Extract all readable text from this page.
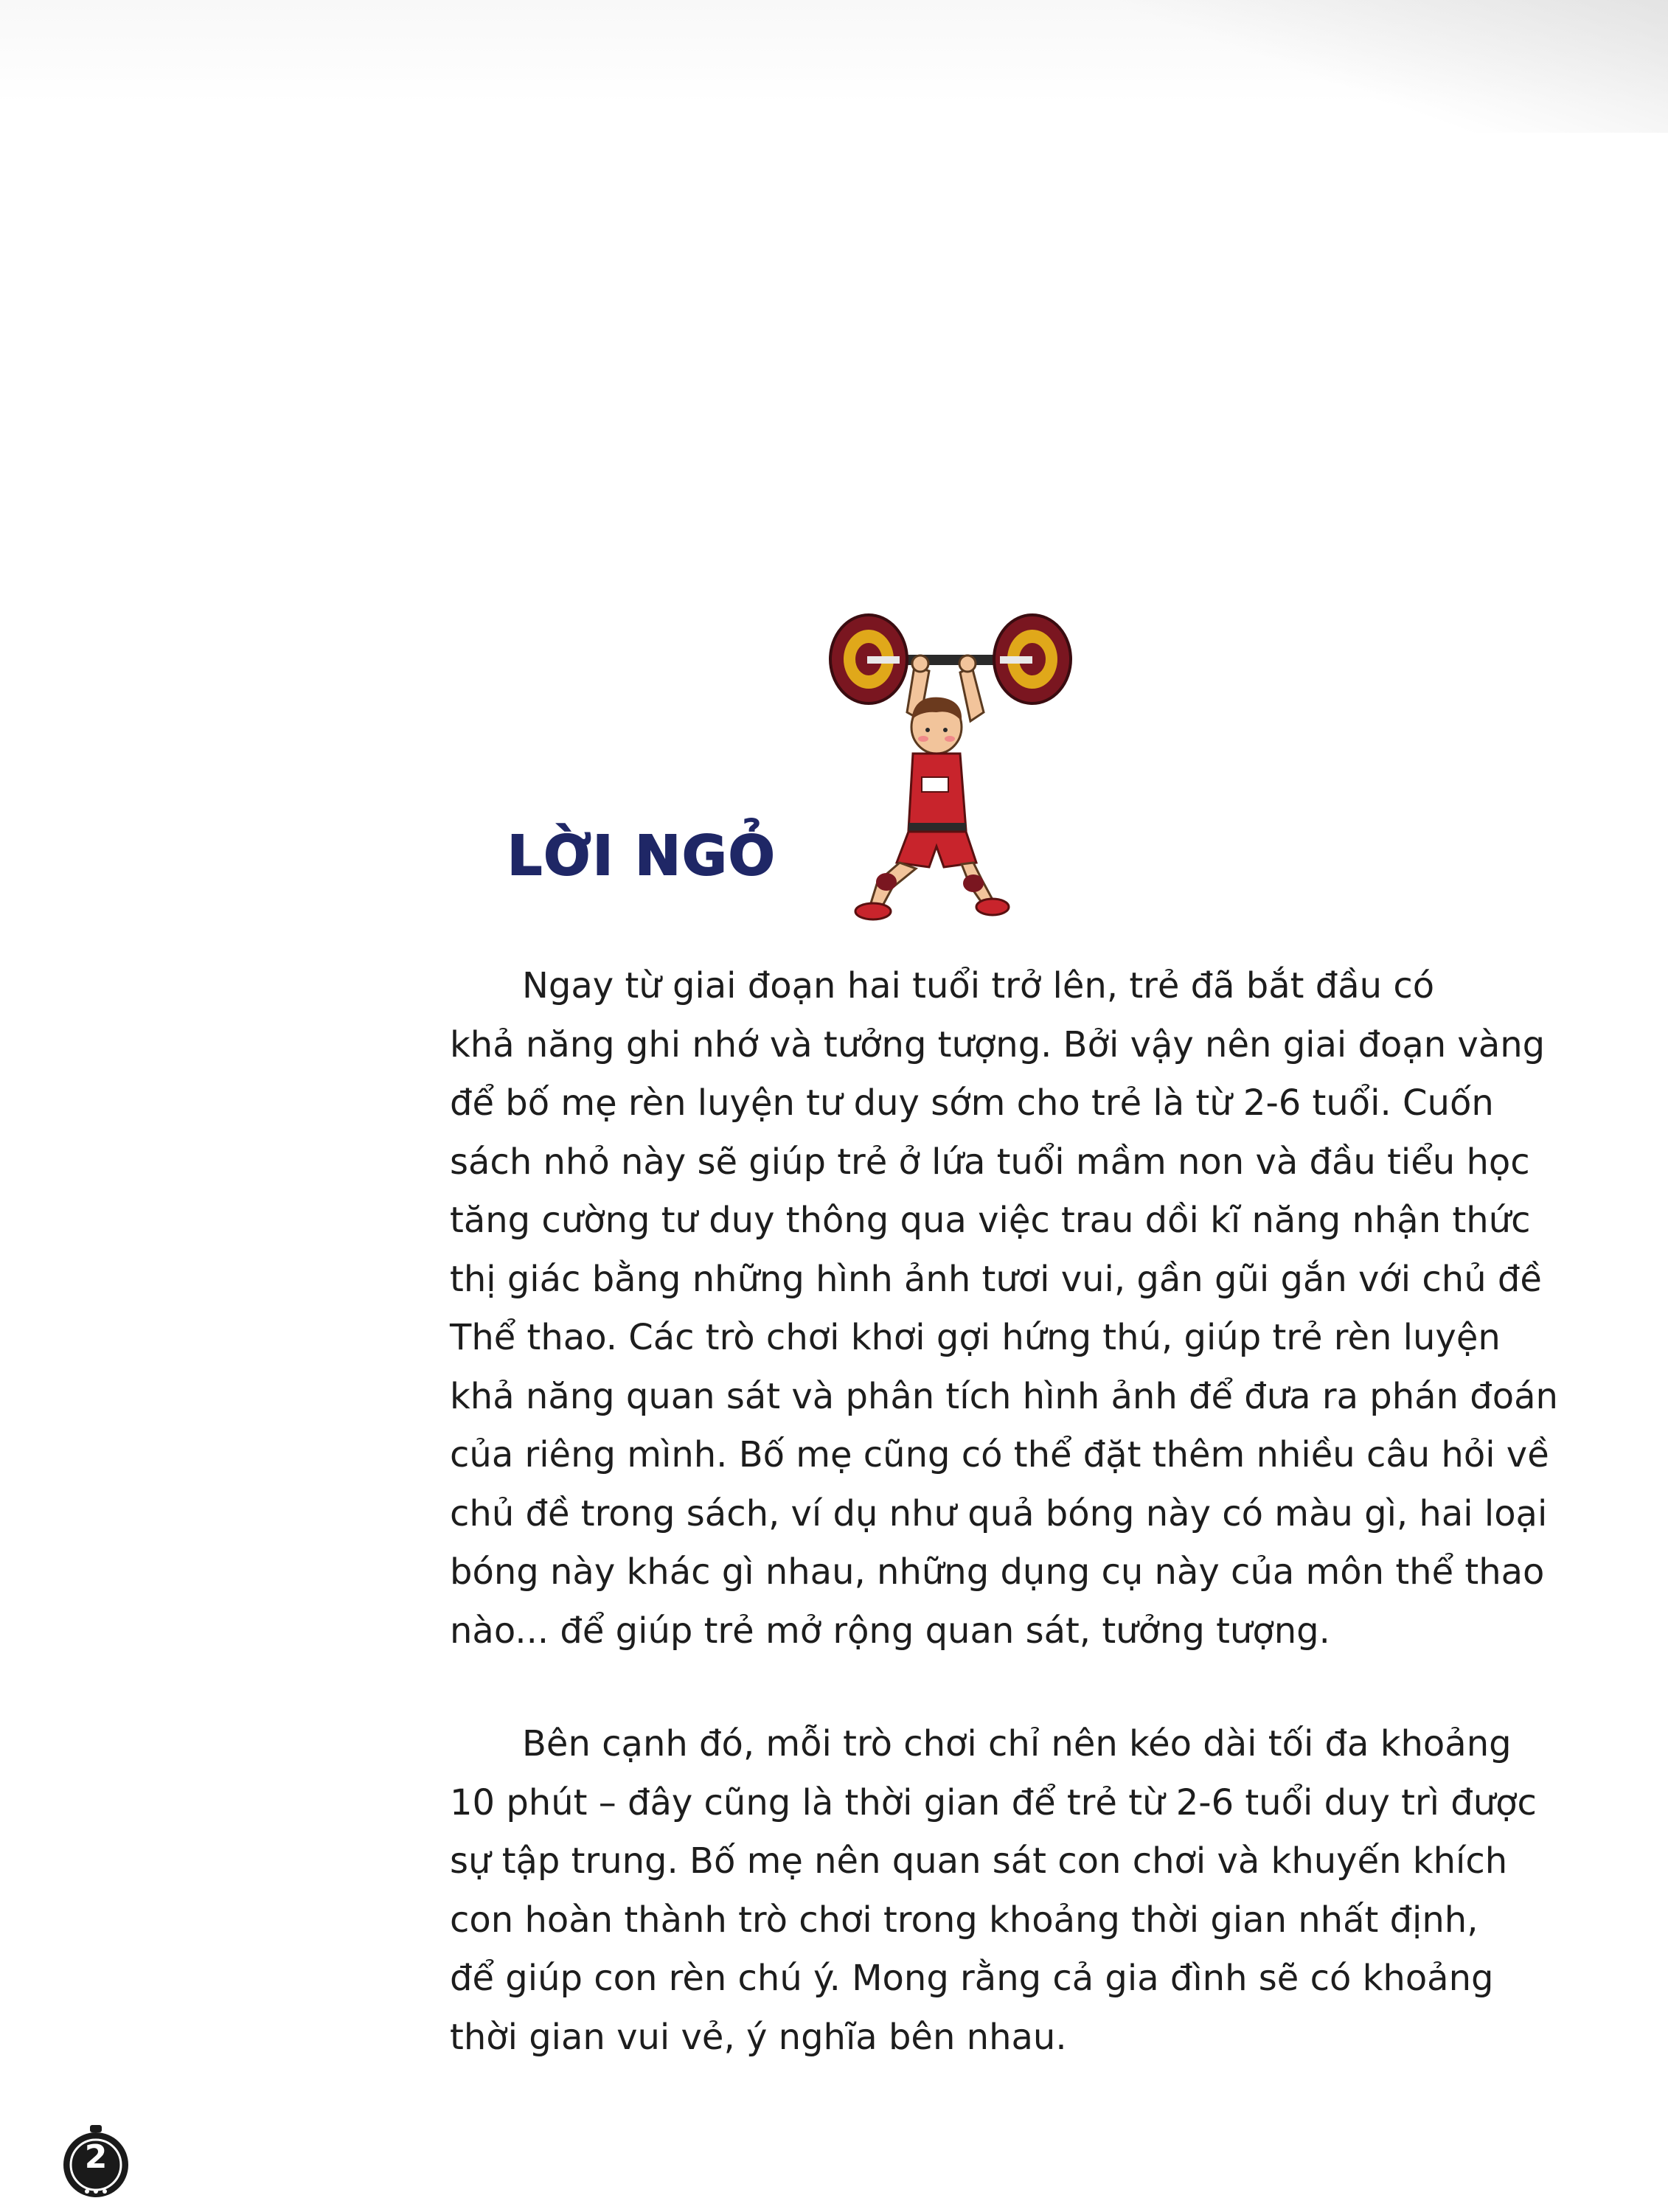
LỜI NGỎ
Ngay từ giai đoạn hai tuổi trở lên, trẻ đã bắt đầu có
khả năng ghi nhớ và tưởng tượng. Bởi vậy nên giai đoạn vàng
để bố mẹ rèn luyện tư duy sớm cho trẻ là từ 2-6 tuổi. Cuốn
sách nhỏ này sẽ giúp trẻ ở lứa tuổi mầm non và đầu tiểu học
tăng cường tư duy thông qua việc trau dồi kĩ năng nhận thức
thị giác bằng những hình ảnh tươi vui, gần gũi gắn với chủ đề
Thể thao. Các trò chơi khơi gợi hứng thú, giúp trẻ rèn luyện
khả năng quan sát và phân tích hình ảnh để đưa ra phán đoán
của riêng mình. Bố mẹ cũng có thể đặt thêm nhiều câu hỏi về
chủ đề trong sách, ví dụ như quả bóng này có màu gì, hai loại
bóng này khác gì nhau, những dụng cụ này của môn thể thao
nào... để giúp trẻ mở rộng quan sát, tưởng tượng.
Bên cạnh đó, mỗi trò chơi chỉ nên kéo dài tối đa khoảng
10 phút – đây cũng là thời gian để trẻ từ 2-6 tuổi duy trì được
sự tập trung. Bố mẹ nên quan sát con chơi và khuyến khích
con hoàn thành trò chơi trong khoảng thời gian nhất định,
để giúp con rèn chú ý. Mong rằng cả gia đình sẽ có khoảng
thời gian vui vẻ, ý nghĩa bên nhau.
2
